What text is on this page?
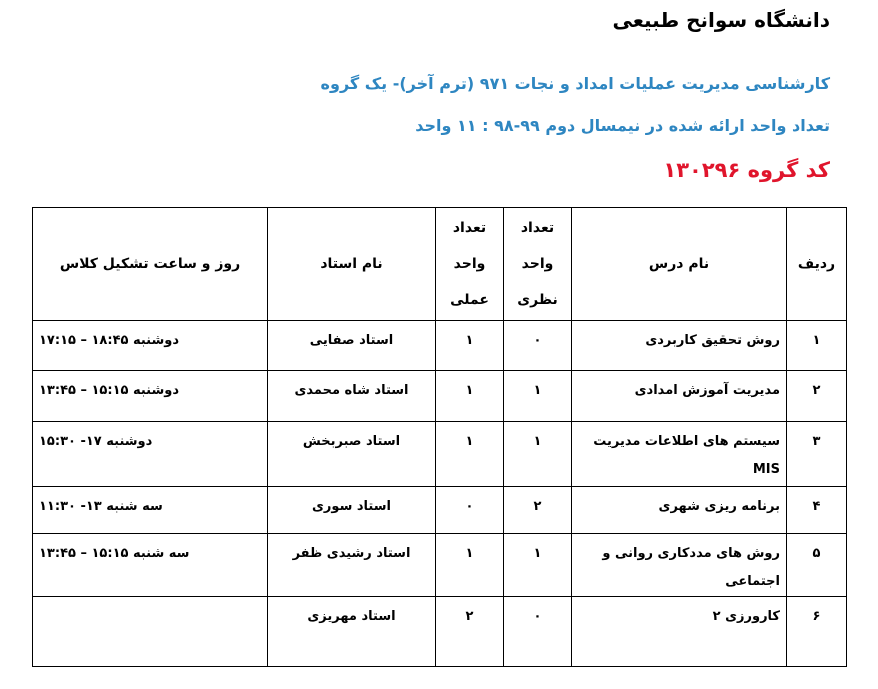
دانشگاه سوانح طبیعی

کارشناسی مدیریت عملیات امداد و نجات ۹۷۱ (ترم آخر)- یک گروه

تعداد واحد ارائه شده در نیمسال دوم ۹۹-۹۸ : ۱۱ واحد

کد گروه ۱۳۰۲۹۶

ردیف	نام درس	تعداد واحد نظری	تعداد واحد عملی	نام استاد	روز و ساعت تشکیل کلاس
۱	روش تحقیق کاربردی	۰	۱	استاد صفایی	دوشنبه ۱۸:۴۵ – ۱۷:۱۵
۲	مدیریت آموزش امدادی	۱	۱	استاد شاه محمدی	دوشنبه ۱۵:۱۵ – ۱۳:۴۵
۳	سیستم های اطلاعات مدیریت MIS	۱	۱	استاد صبربخش	دوشنبه ۱۷- ۱۵:۳۰
۴	برنامه ریزی شهری	۲	۰	استاد سوری	سه شنبه ۱۳- ۱۱:۳۰
۵	روش های مددکاری روانی و اجتماعی	۱	۱	استاد رشیدی ظفر	سه شنبه ۱۵:۱۵ – ۱۳:۴۵
۶	کارورزی ۲	۰	۲	استاد مهریزی	
